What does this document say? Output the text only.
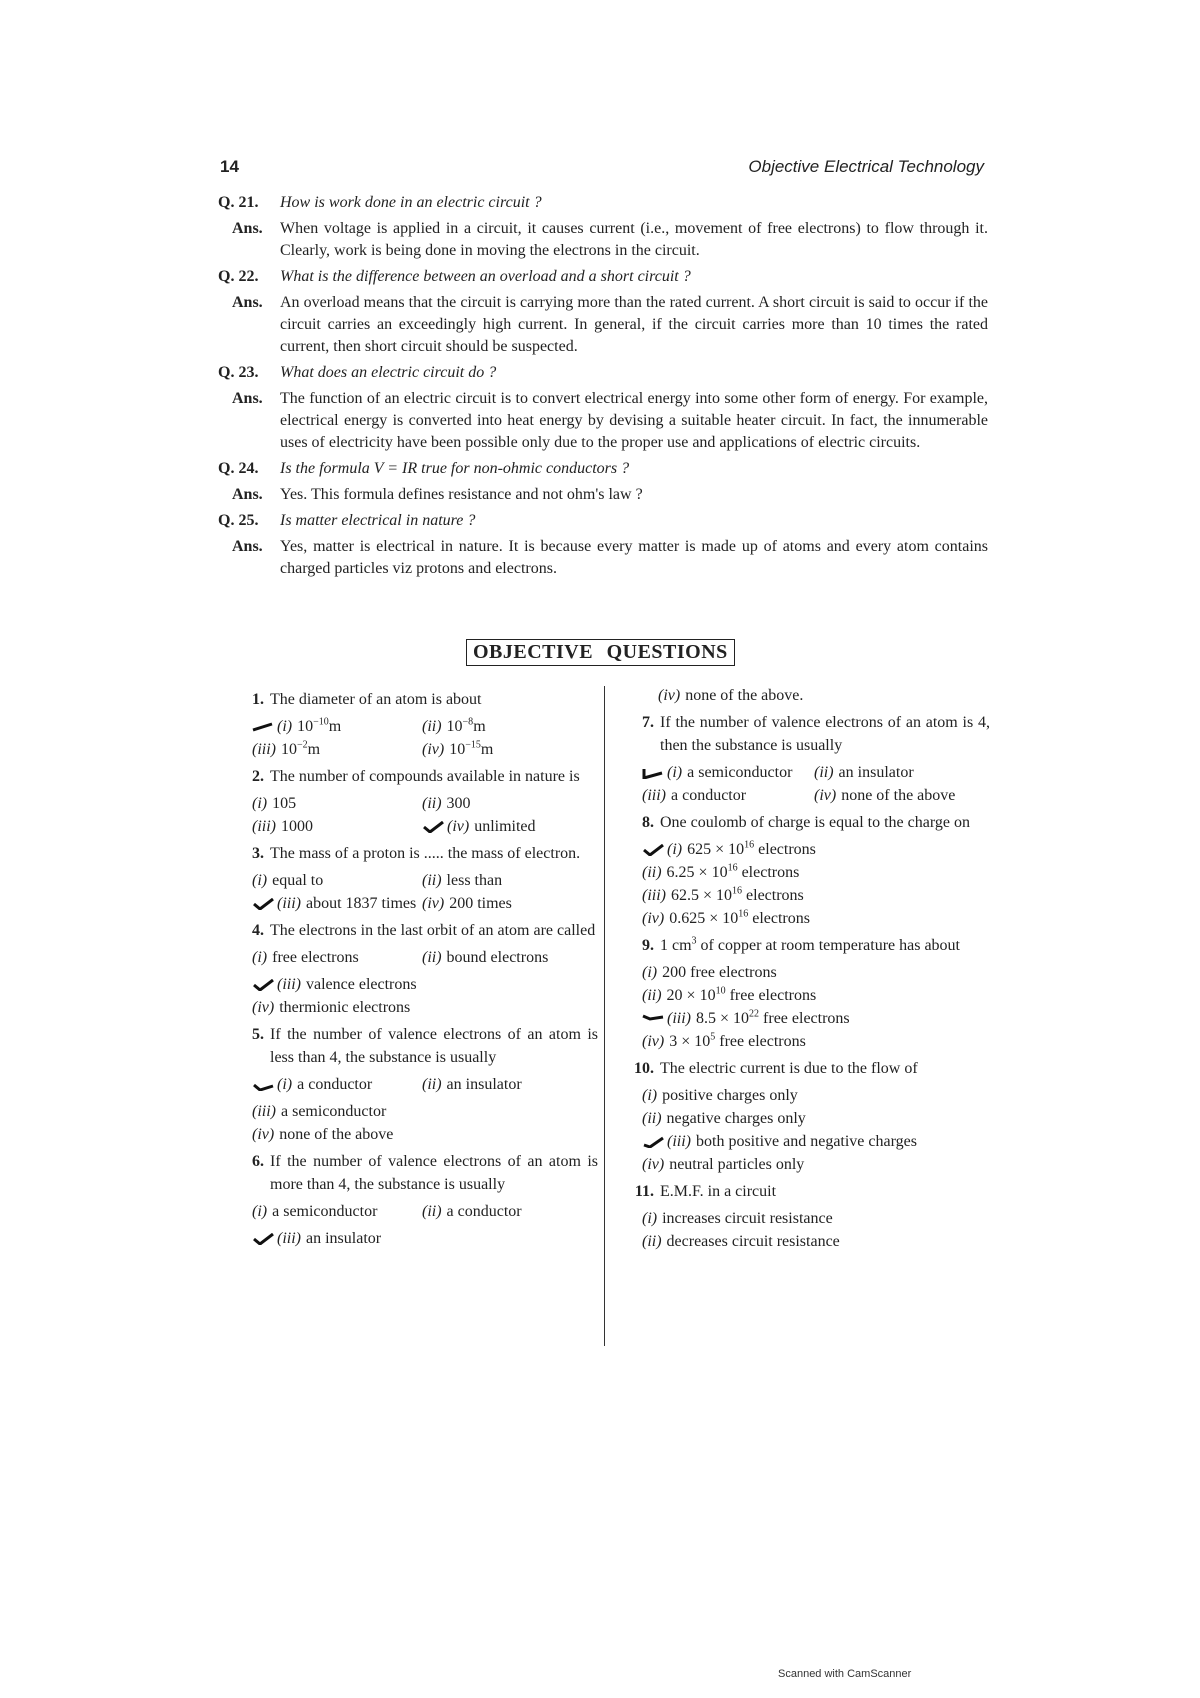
14	Objective Electrical Technology
Q. 21.	How is work done in an electric circuit ?
Ans.	When voltage is applied in a circuit, it causes current (i.e., movement of free electrons) to flow through it. Clearly, work is being done in moving the electrons in the circuit.
Q. 22.	What is the difference between an overload and a short circuit ?
Ans.	An overload means that the circuit is carrying more than the rated current. A short circuit is said to occur if the circuit carries an exceedingly high current. In general, if the circuit carries more than 10 times the rated current, then short circuit should be suspected.
Q. 23.	What does an electric circuit do ?
Ans.	The function of an electric circuit is to convert electrical energy into some other form of energy. For example, electrical energy is converted into heat energy by devising a suitable heater circuit. In fact, the innumerable uses of electricity have been possible only due to the proper use and applications of electric circuits.
Q. 24.	Is the formula V = IR true for non-ohmic conductors ?
Ans.	Yes. This formula defines resistance and not ohm's law ?
Q. 25.	Is matter electrical in nature ?
Ans.	Yes, matter is electrical in nature. It is because every matter is made up of atoms and every atom contains charged particles viz protons and electrons.
OBJECTIVE QUESTIONS
1. The diameter of an atom is about
(i) $10^{-10}m$	(ii) $10^{-8}m$
(iii) $10^{-2}m$	(iv) $10^{-15}m$
2. The number of compounds available in nature is
(i) 105	(ii) 300
(iii) 1000	(iv) unlimited
3. The mass of a proton is ..... the mass of electron.
(i) equal to	(ii) less than
(iii) about 1837 times (iv) 200 times
4. The electrons in the last orbit of an atom are called
(i) free electrons	(ii) bound electrons
(iii) valence electrons
(iv) thermionic electrons
5. If the number of valence electrons of an atom is less than 4, the substance is usually
(i) a conductor	(ii) an insulator
(iii) a semiconductor
(iv) none of the above
6. If the number of valence electrons of an atom is more than 4, the substance is usually
(i) a semiconductor	(ii) a conductor
(iii) an insulator
(iv) none of the above.
7. If the number of valence electrons of an atom is 4, then the substance is usually
(i) a semiconductor	(ii) an insulator
(iii) a conductor	(iv) none of the above
8. One coulomb of charge is equal to the charge on
(i) $625 \times 10^{16}$ electrons
(ii) $6.25 \times 10^{16}$ electrons
(iii) $62.5 \times 10^{16}$ electrons
(iv) $0.625 \times 10^{16}$ electrons
9. 1 $cm^3$ of copper at room temperature has about
(i) 200 free electrons
(ii) $20 \times 10^{10}$ free electrons
(iii) $8.5 \times 10^{22}$ free electrons
(iv) $3 \times 10^5$ free electrons
10. The electric current is due to the flow of
(i) positive charges only
(ii) negative charges only
(iii) both positive and negative charges
(iv) neutral particles only
11. E.M.F. in a circuit
(i) increases circuit resistance
(ii) decreases circuit resistance
Scanned with CamScanner
